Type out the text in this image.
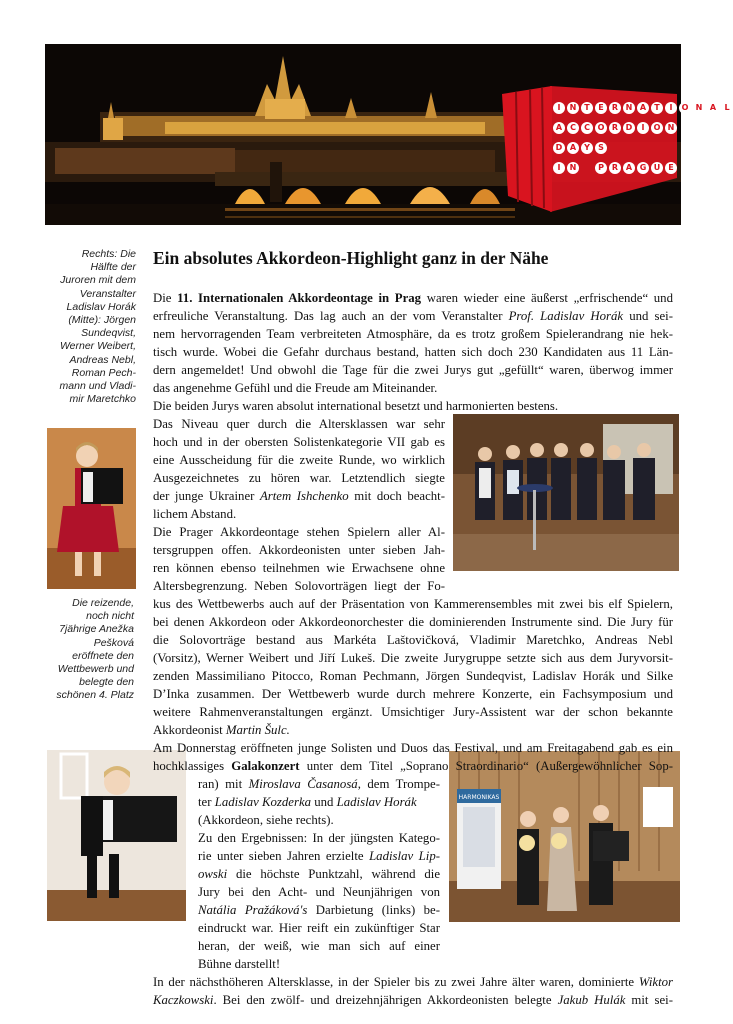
I	N T	E	R N A	T	I	O N A	L
A C	C O R D	I	O N
D A	Y	S
I	N	P R A G U	E
Rechts: Die
Hälfte der
Juroren mit dem
Veranstalter
Ladislav Horák
(Mitte): Jörgen
Sundeqvist,
Werner Weibert,
Andreas Nebl,
Roman Pech-
mann und Vladi-
mir Maretchko
Die reizende,
noch nicht
7jährige Anežka
Pešková
eröffnete den
Wettbewerb und
belegte den
schönen 4. Platz
Ein absolutes Akkordeon-Highlight ganz in der Nähe
HARMONIKAS
Die 11. Internationalen Akkordeontage in Prag waren wieder eine äußerst „erfrischende“ und
erfreuliche Veranstaltung. Das lag auch an der vom Veranstalter Prof. Ladislav Horák und sei-
nem hervorragenden Team verbreiteten Atmosphäre, da es trotz großem Spielerandrang nie hek-
tisch wurde. Wobei die Gefahr durchaus bestand, hatten sich doch 230 Kandidaten aus 11 Län-
dern angemeldet! Und obwohl die Tage für die zwei Jurys gut „gefüllt“ waren, überwog immer
das angenehme Gefühl und die Freude am Miteinander.
Die beiden Jurys waren absolut international besetzt und harmonierten bestens.
Das Niveau quer durch die Altersklassen war sehr
hoch und in der obersten Solistenkategorie VII gab es
eine Ausscheidung für die zweite Runde, wo wirklich
Ausgezeichnetes zu hören war. Letztendlich siegte
der junge Ukrainer Artem Ishchenko mit doch beacht-
lichem Abstand.
Die Prager Akkordeontage stehen Spielern aller Al-
tersgruppen offen. Akkordeonisten unter sieben Jah-
ren können ebenso teilnehmen wie Erwachsene ohne
Altersbegrenzung. Neben Solovorträgen liegt der Fo-
kus des Wettbewerbs auch auf der Präsentation von Kammerensembles mit zwei bis elf Spielern,
bei denen Akkordeon oder Akkordeonorchester die dominierenden Instrumente sind. Die Jury für
die Solovorträge bestand aus Markéta Laštovičková, Vladimir Maretchko, Andreas Nebl
(Vorsitz), Werner Weibert und Jiří Lukeš. Die zweite Jurygruppe setzte sich aus dem Juryvorsit-
zenden Massimiliano Pitocco, Roman Pechmann, Jörgen Sundeqvist, Ladislav Horák und Silke
D’Inka zusammen. Der Wettbewerb wurde durch mehrere Konzerte, ein Fachsymposium und
weitere Rahmenveranstaltungen ergänzt. Umsichtiger Jury-Assistent war der schon bekannte
Akkordeonist Martin Šulc.
Am Donnerstag eröffneten junge Solisten und Duos das Festival, und am Freitagabend gab es ein
hochklassiges Galakonzert unter dem Titel „Soprano Straordinario“ (Außergewöhnlicher Sop-
ran) mit Miroslava Časanosá, dem Trompe-
ter Ladislav Kozderka und Ladislav Horák
(Akkordeon, siehe rechts).
Zu den Ergebnissen: In der jüngsten Katego-
rie unter sieben Jahren erzielte Ladislav Lip-
owski die höchste Punktzahl, während die
Jury bei den Acht- und Neunjährigen von
Natália Pražáková's Darbietung (links) be-
eindruckt war. Hier reift ein zukünftiger Star
heran, der weiß, wie man sich auf einer
Bühne darstellt!
In der nächsthöheren Altersklasse, in der Spieler bis zu zwei Jahre älter waren, dominierte Wiktor
Kaczkowski. Bei den zwölf- und dreizehnjährigen Akkordeonisten belegte Jakub Hulák mit sei-
